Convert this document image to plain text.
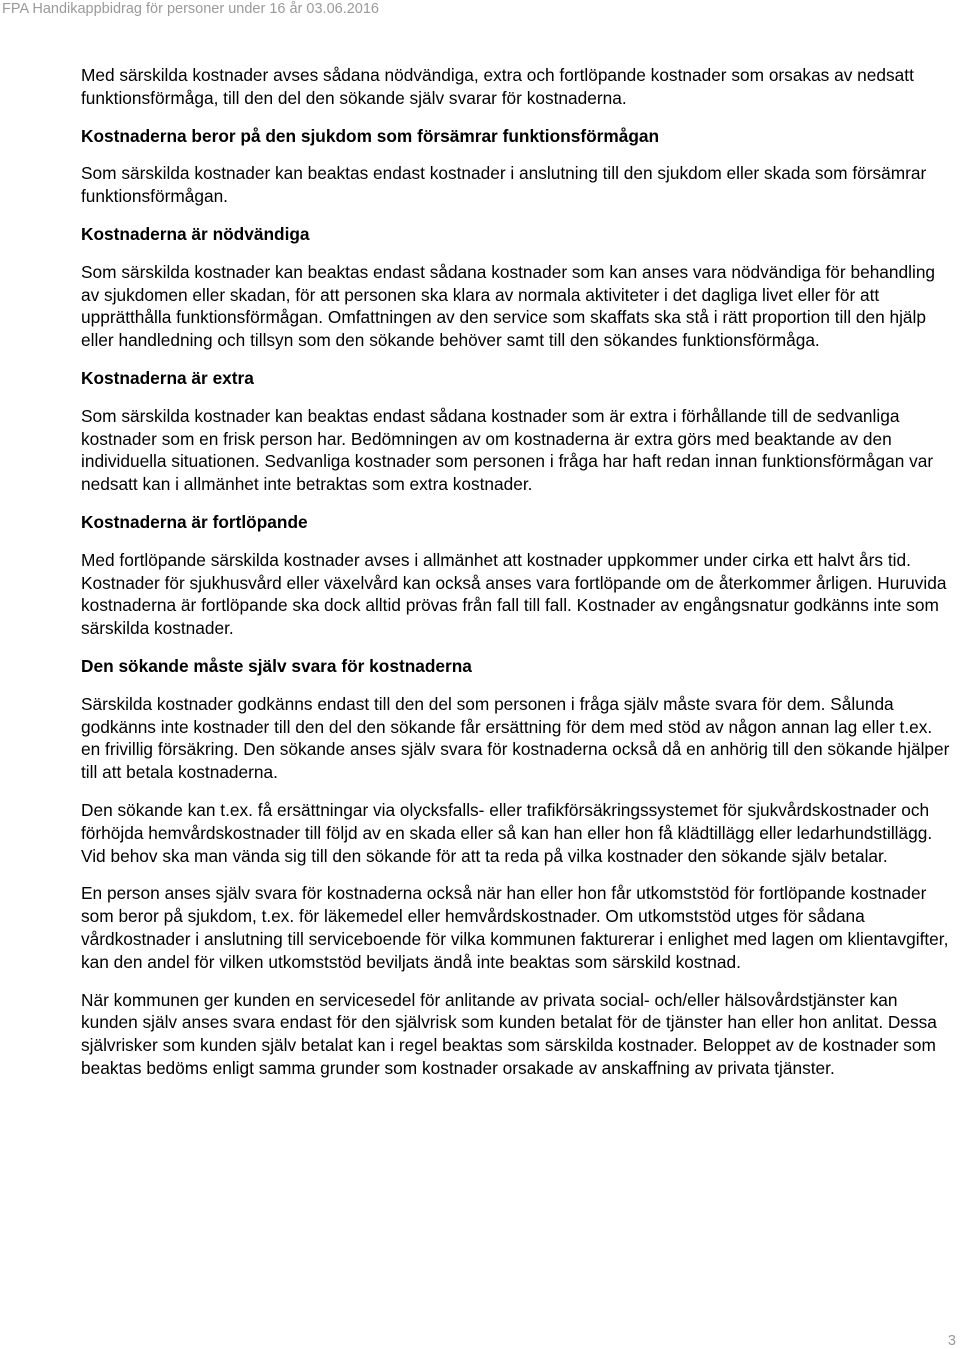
FPA Handikappbidrag för personer under 16 år 03.06.2016

Med särskilda kostnader avses sådana nödvändiga, extra och fortlöpande kostnader som orsakas av nedsatt funktionsförmåga, till den del den sökande själv svarar för kostnaderna.

Kostnaderna beror på den sjukdom som försämrar funktionsförmågan

Som särskilda kostnader kan beaktas endast kostnader i anslutning till den sjukdom eller skada som försämrar funktionsförmågan.

Kostnaderna är nödvändiga

Som särskilda kostnader kan beaktas endast sådana kostnader som kan anses vara nödvändiga för behandling av sjukdomen eller skadan, för att personen ska klara av normala aktiviteter i det dagliga livet eller för att upprätthålla funktionsförmågan. Omfattningen av den service som skaffats ska stå i rätt proportion till den hjälp eller handledning och tillsyn som den sökande behöver samt till den sökandes funktionsförmåga.

Kostnaderna är extra

Som särskilda kostnader kan beaktas endast sådana kostnader som är extra i förhållande till de sedvanliga kostnader som en frisk person har. Bedömningen av om kostnaderna är extra görs med beaktande av den individuella situationen. Sedvanliga kostnader som personen i fråga har haft redan innan funktionsförmågan var nedsatt kan i allmänhet inte betraktas som extra kostnader.

Kostnaderna är fortlöpande

Med fortlöpande särskilda kostnader avses i allmänhet att kostnader uppkommer under cirka ett halvt års tid. Kostnader för sjukhusvård eller växelvård kan också anses vara fortlöpande om de återkommer årligen. Huruvida kostnaderna är fortlöpande ska dock alltid prövas från fall till fall. Kostnader av engångsnatur godkänns inte som särskilda kostnader.

Den sökande måste själv svara för kostnaderna

Särskilda kostnader godkänns endast till den del som personen i fråga själv måste svara för dem. Sålunda godkänns inte kostnader till den del den sökande får ersättning för dem med stöd av någon annan lag eller t.ex. en frivillig försäkring. Den sökande anses själv svara för kostnaderna också då en anhörig till den sökande hjälper till att betala kostnaderna.

Den sökande kan t.ex. få ersättningar via olycksfalls- eller trafikförsäkringssystemet för sjukvårdskostnader och förhöjda hemvårdskostnader till följd av en skada eller så kan han eller hon få klädtillägg eller ledarhundstillägg. Vid behov ska man vända sig till den sökande för att ta reda på vilka kostnader den sökande själv betalar.

En person anses själv svara för kostnaderna också när han eller hon får utkomststöd för fortlöpande kostnader som beror på sjukdom, t.ex. för läkemedel eller hemvårdskostnader. Om utkomststöd utges för sådana vårdkostnader i anslutning till serviceboende för vilka kommunen fakturerar i enlighet med lagen om klientavgifter, kan den andel för vilken utkomststöd beviljats ändå inte beaktas som särskild kostnad.

När kommunen ger kunden en servicesedel för anlitande av privata social- och/eller hälsovårdstjänster kan kunden själv anses svara endast för den självrisk som kunden betalat för de tjänster han eller hon anlitat. Dessa självrisker som kunden själv betalat kan i regel beaktas som särskilda kostnader. Beloppet av de kostnader som beaktas bedöms enligt samma grunder som kostnader orsakade av anskaffning av privata tjänster.

3
